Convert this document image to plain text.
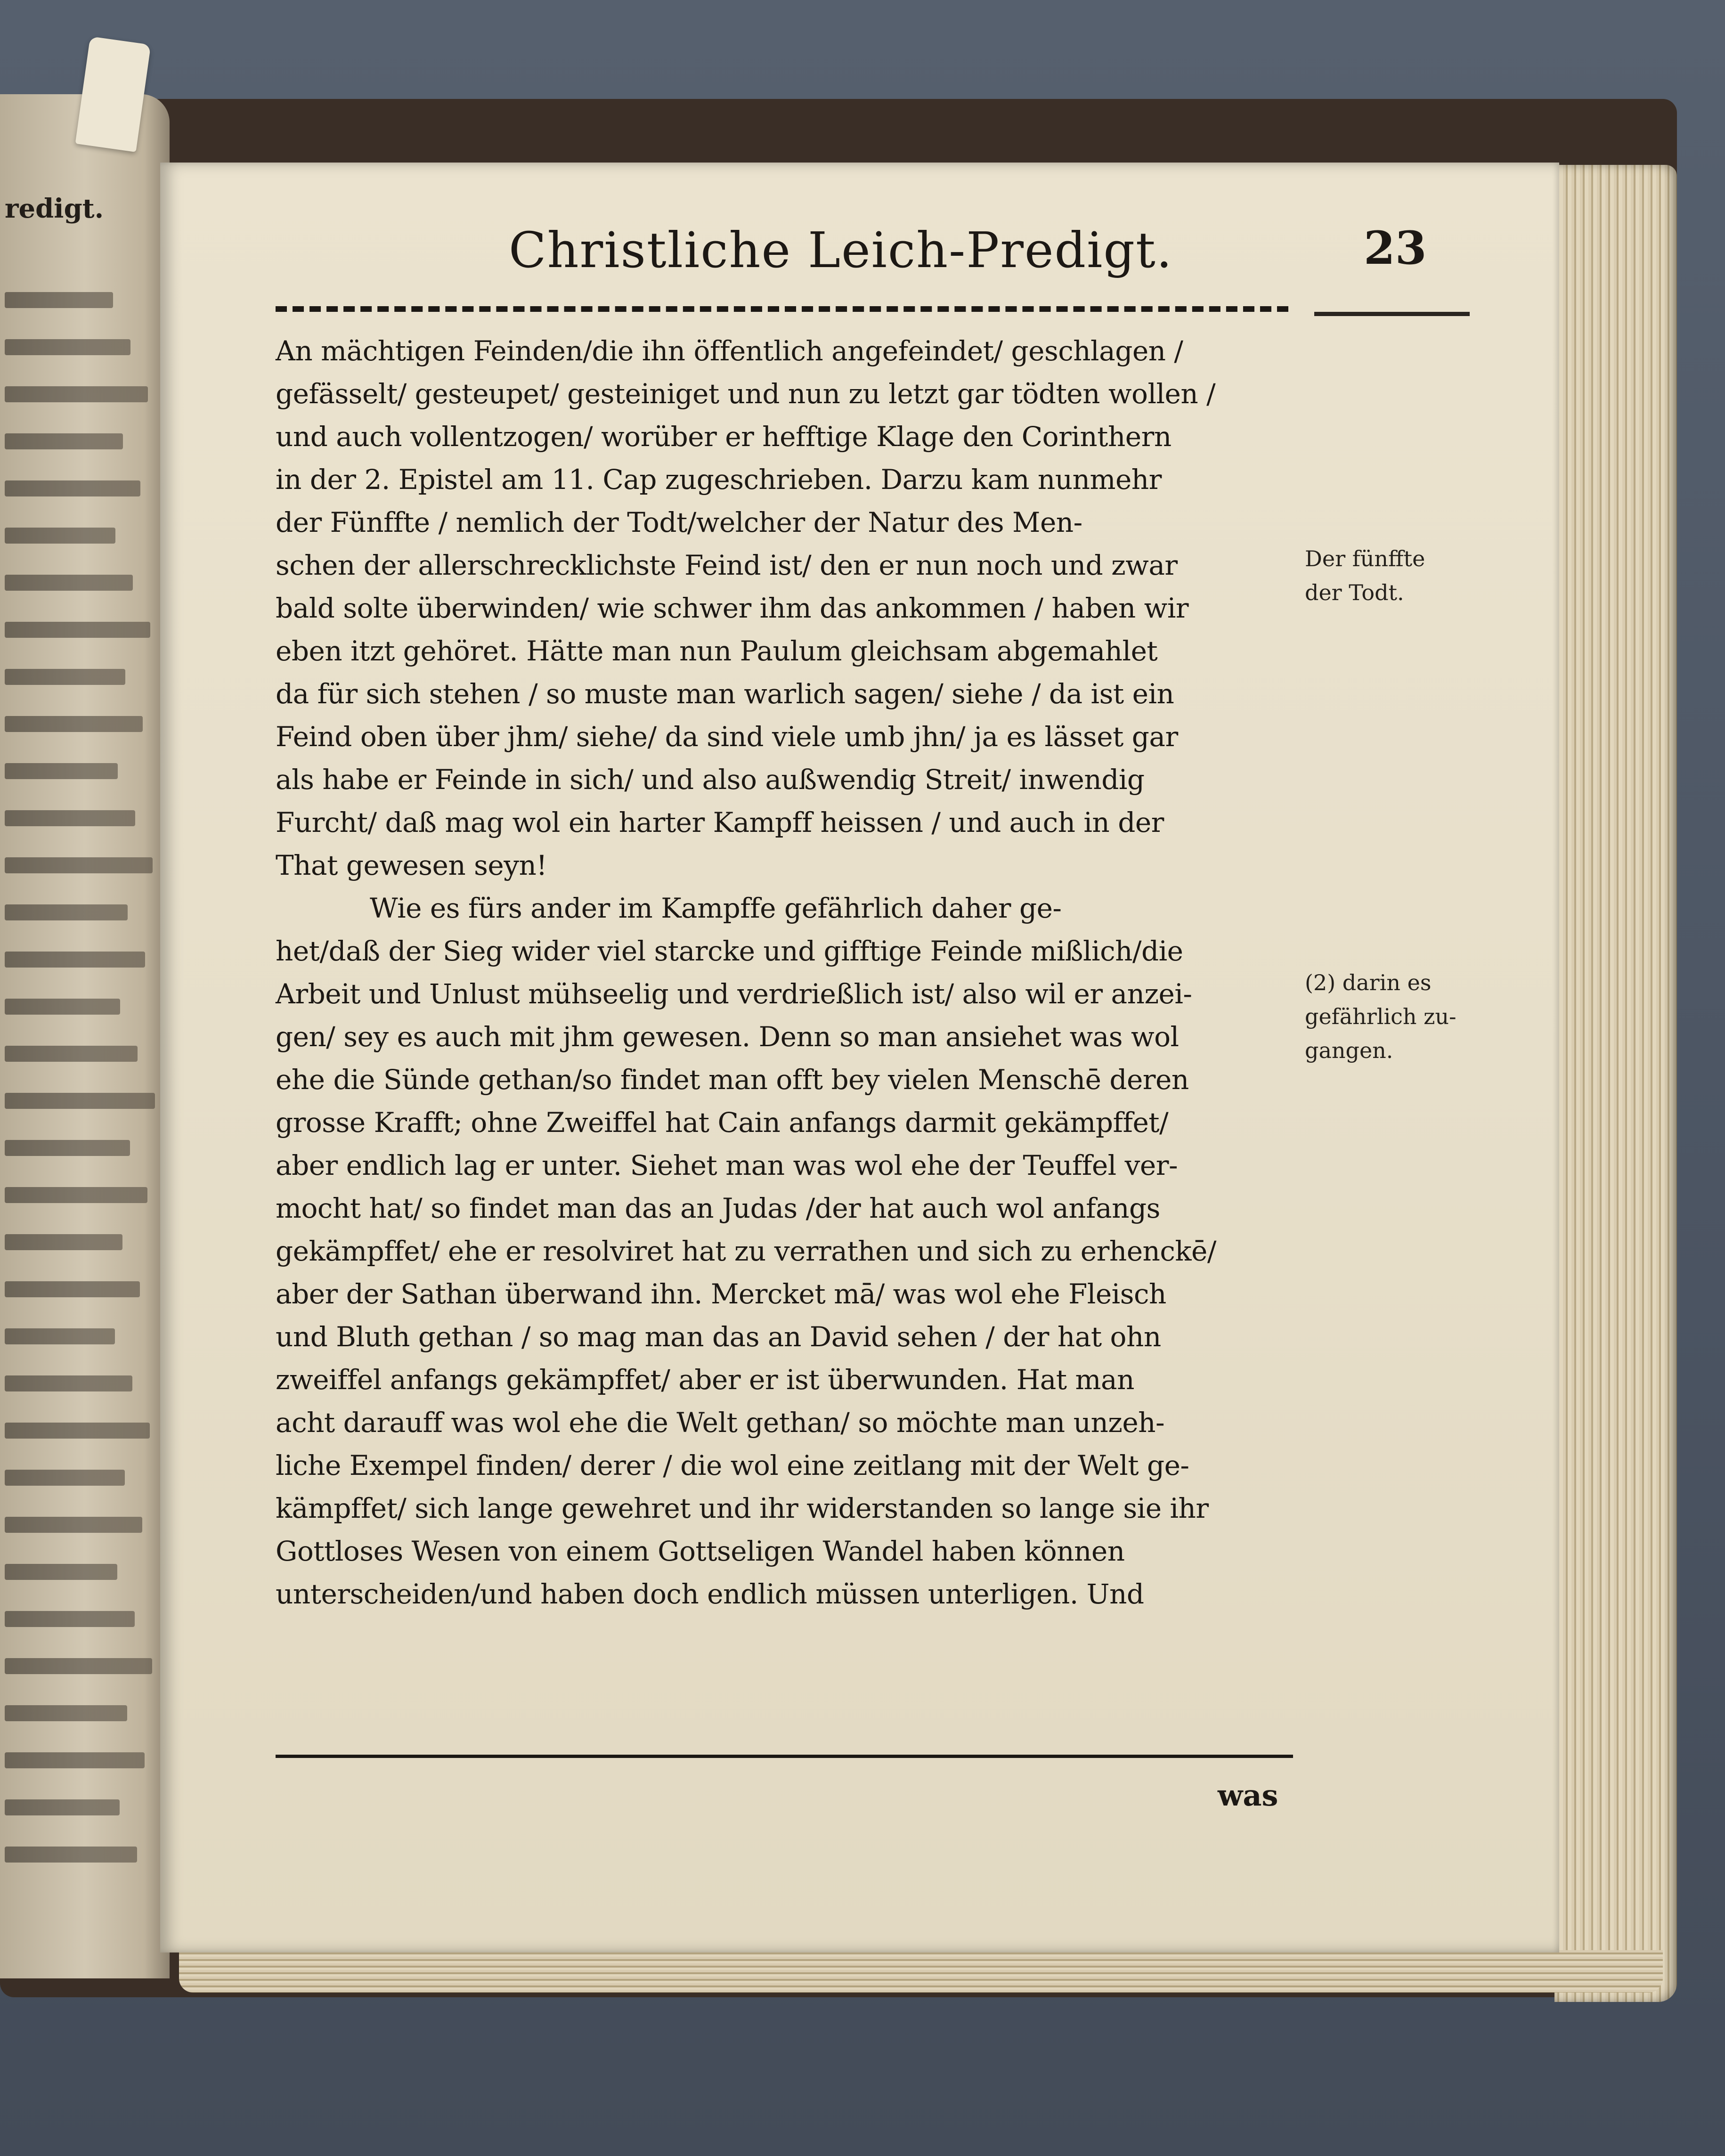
redigt.
Christliche Leich-Predigt.	23
An mächtigen Feinden/die ihn öffentlich angefeindet/ geschlagen /
gefässelt/ gesteupet/ gesteiniget und nun zu letzt gar tödten wollen /
und auch vollentzogen/ worüber er hefftige Klage den Corinthern
in der 2. Epistel am 11. Cap zugeschrieben. Darzu kam nunmehr
der Fünffte / nemlich der Todt/welcher der Natur des Men-
schen der allerschrecklichste Feind ist/ den er nun noch und zwar
bald solte überwinden/ wie schwer ihm das ankommen / haben wir
eben itzt gehöret. Hätte man nun Paulum gleichsam abgemahlet
da für sich stehen / so muste man warlich sagen/ siehe / da ist ein
Feind oben über jhm/ siehe/ da sind viele umb jhn/ ja es lässet gar
als habe er Feinde in sich/ und also außwendig Streit/ inwendig
Furcht/ daß mag wol ein harter Kampff heissen / und auch in der
That gewesen seyn!
Wie es fürs ander im Kampffe gefährlich daher ge-
het/daß der Sieg wider viel starcke und gifftige Feinde mißlich/die
Arbeit und Unlust mühseelig und verdrießlich ist/ also wil er anzei-
gen/ sey es auch mit jhm gewesen. Denn so man ansiehet was wol
ehe die Sünde gethan/so findet man offt bey vielen Menschē deren
grosse Krafft; ohne Zweiffel hat Cain anfangs darmit gekämpffet/
aber endlich lag er unter. Siehet man was wol ehe der Teuffel ver-
mocht hat/ so findet man das an Judas /der hat auch wol anfangs
gekämpffet/ ehe er resolviret hat zu verrathen und sich zu erhenckē/
aber der Sathan überwand ihn. Mercket mā/ was wol ehe Fleisch
und Bluth gethan / so mag man das an David sehen / der hat ohn
zweiffel anfangs gekämpffet/ aber er ist überwunden. Hat man
acht darauff was wol ehe die Welt gethan/ so möchte man unzeh-
liche Exempel finden/ derer / die wol eine zeitlang mit der Welt ge-
kämpffet/ sich lange gewehret und ihr widerstanden so lange sie ihr
Gottloses Wesen von einem Gottseligen Wandel haben können
unterscheiden/und haben doch endlich müssen unterligen. Und
Der fünffte
der Todt.
(2) darin es
gefährlich zu-
gangen.
was
